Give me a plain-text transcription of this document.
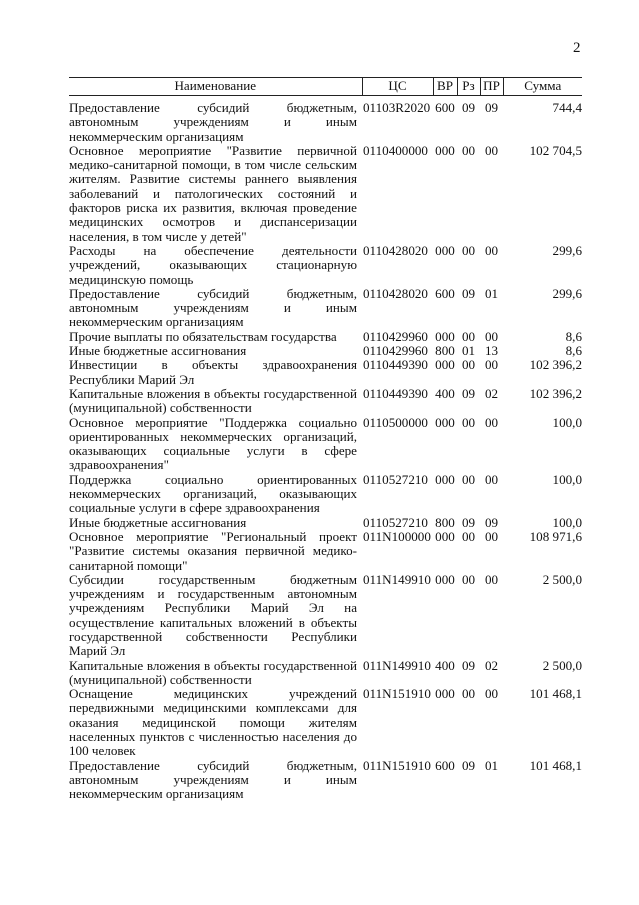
2
Наименование	ЦС	ВР	Рз	ПР	Сумма
Предоставление субсидий бюджетным, автономным учреждениям и иным некоммерческим организациям	01103R2020	600	09	09	744,4
Основное мероприятие "Развитие первичной медико-санитарной помощи, в том числе сельским жителям. Развитие системы раннего выявления заболеваний и патологических состояний и факторов риска их развития, включая проведение медицинских осмотров и диспансеризации населения, в том числе у детей"	0110400000	000	00	00	102 704,5
Расходы на обеспечение деятельности учреждений, оказывающих стационарную медицинскую помощь	0110428020	000	00	00	299,6
Предоставление субсидий бюджетным, автономным учреждениям и иным некоммерческим организациям	0110428020	600	09	01	299,6
Прочие выплаты по обязательствам государства	0110429960	000	00	00	8,6
Иные бюджетные ассигнования	0110429960	800	01	13	8,6
Инвестиции в объекты здравоохранения Республики Марий Эл	0110449390	000	00	00	102 396,2
Капитальные вложения в объекты государственной (муниципальной) собственности	0110449390	400	09	02	102 396,2
Основное мероприятие "Поддержка социально ориентированных некоммерческих организаций, оказывающих социальные услуги в сфере здравоохранения"	0110500000	000	00	00	100,0
Поддержка социально ориентированных некоммерческих организаций, оказывающих социальные услуги в сфере здравоохранения	0110527210	000	00	00	100,0
Иные бюджетные ассигнования	0110527210	800	09	09	100,0
Основное мероприятие "Региональный проект "Развитие системы оказания первичной медико-санитарной помощи"	011N100000	000	00	00	108 971,6
Субсидии государственным бюджетным учреждениям и государственным автономным учреждениям Республики Марий Эл на осуществление капитальных вложений в объекты государственной собственности Республики Марий Эл	011N149910	000	00	00	2 500,0
Капитальные вложения в объекты государственной (муниципальной) собственности	011N149910	400	09	02	2 500,0
Оснащение медицинских учреждений передвижными медицинскими комплексами для оказания медицинской помощи жителям населенных пунктов с численностью населения до 100 человек	011N151910	000	00	00	101 468,1
Предоставление субсидий бюджетным, автономным учреждениям и иным некоммерческим организациям	011N151910	600	09	01	101 468,1
